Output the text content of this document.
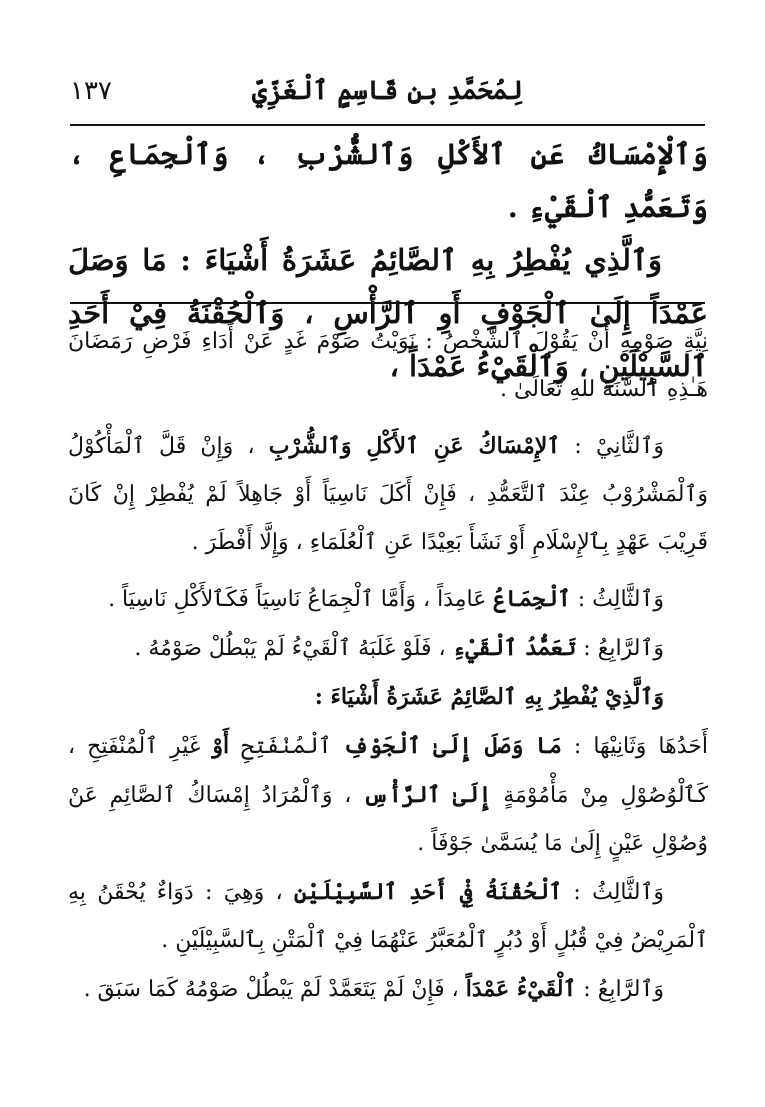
لِمُحَمَّدِ بنِ قَاسِمٍ ٱلْغَزِّيِّ
١٣٧

وَٱلْإِمْسَاكُ عَنِ ٱلأَكْلِ وَٱلشُّرْبِ ، وَٱلْجِمَاعِ ، وَتَعَمُّدِ ٱلْقَيْءِ .

وَٱلَّذِي يُفْطِرُ بِهِ ٱلصَّائِمُ عَشَرَةُ أَشْيَاءَ : مَا وَصَلَ عَمْدَاً إِلَىٰ ٱلْجَوْفِ أَوِ ٱلرَّأْسِ ، وَٱلْحُقْنَةُ فِيْ أَحَدِ ٱلسَّبِيْلَيْنِ ، وَٱلْقَيْءُ عَمْدَاً ،

نِيَّةِ صَوْمِهِ أَنْ يَقُوْلَ ٱلشَّخْصُ : نَوَيْتُ صَوْمَ غَدٍ عَنْ أَدَاءِ فَرْضِ رَمَضَانَ هَـٰذِهِ ٱلسَّنَةَ للهِ تَعَالَىٰ .

وَٱلثَّانِيْ : ٱلإِمْسَاكُ عَنِ ٱلأَكْلِ وَٱلشُّرْبِ ، وَإِنْ قَلَّ ٱلْمَأْكُوْلُ وَٱلْمَشْرُوْبُ عِنْدَ ٱلتَّعَمُّدِ ، فَإِنْ أَكَلَ نَاسِيَاً أَوْ جَاهِلاً لَمْ يُفْطِرْ إِنْ كَانَ قَرِيْبَ عَهْدٍ بِٱلإِسْلَامِ أَوْ نَشَأَ بَعِيْدًا عَنِ ٱلْعُلَمَاءِ ، وَإِلَّا أَفْطَرَ .

وَٱلثَّالِثُ : ٱلْجِمَاعُ عَامِدَاً ، وَأَمَّا ٱلْجِمَاعُ نَاسِيَاً فَكَٱلأَكْلِ نَاسِيَاً .

وَٱلرَّابِعُ : تَعَمُّدُ ٱلْقَيْءِ ، فَلَوْ غَلَبَهُ ٱلْقَيْءُ لَمْ يَبْطُلْ صَوْمُهُ .

وَٱلَّذِيْ يُفْطِرُ بِهِ ٱلصَّائِمُ عَشَرَةُ أَشْيَاءَ :

أَحَدُهَا وَثَانِيْهَا : مَا وَصَلَ إِلَىٰ ٱلْجَوْفِ ٱلْمُنْفَتِحِ أَوْ غَيْرِ ٱلْمُنْفَتِحِ ، كَٱلْوُصُوْلِ مِنْ مَأْمُوْمَةٍ إِلَىٰ ٱلرَّأْسِ ، وَٱلْمُرَادُ إِمْسَاكُ ٱلصَّائِمِ عَنْ وُصُوْلِ عَيْنٍ إِلَىٰ مَا يُسَمَّىٰ جَوْفَاً .

وَٱلثَّالِثُ : ٱلْحُقْنَةُ فِيْ أَحَدِ ٱلسَّبِيْلَيْنِ ، وَهِيَ : دَوَاءٌ يُحْقَنُ بِهِ ٱلْمَرِيْضُ فِيْ قُبُلٍ أَوْ دُبُرٍ ٱلْمُعَبَّرُ عَنْهُمَا فِيْ ٱلْمَتْنِ بِٱلسَّبِيْلَيْنِ .

وَٱلرَّابِعُ : ٱلْقَيْءُ عَمْدَاً ، فَإِنْ لَمْ يَتَعَمَّدْ لَمْ يَبْطُلْ صَوْمُهُ كَمَا سَبَقَ .
